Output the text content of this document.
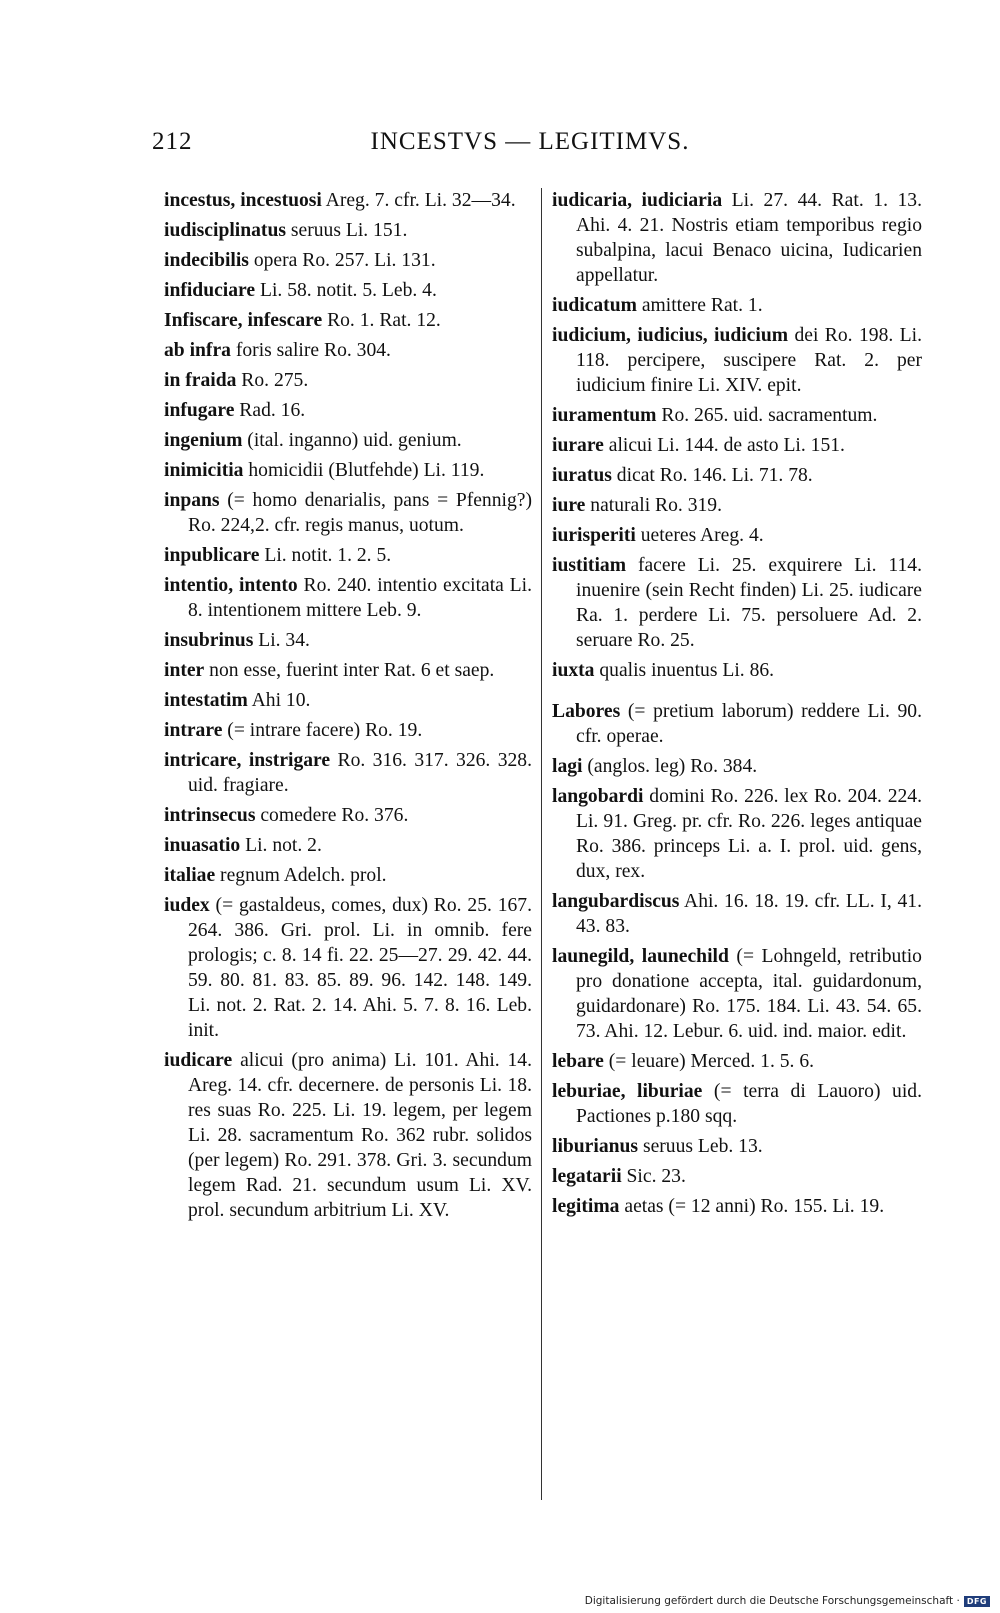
212	INCESTVS — LEGITIMVS.
incestus, incestuosi Areg. 7. cfr. Li. 32—34.
iudisciplinatus seruus Li. 151.
indecibilis opera Ro. 257. Li. 131.
infiduciare Li. 58. notit. 5. Leb. 4.
Infiscare, infescare Ro. 1. Rat. 12.
ab infra foris salire Ro. 304.
in fraida Ro. 275.
infugare Rad. 16.
ingenium (ital. inganno) uid. genium.
inimicitia homicidii (Blutfehde) Li. 119.
inpans (= homo denarialis, pans = Pfennig?) Ro. 224,2. cfr. regis manus, uotum.
inpublicare Li. notit. 1. 2. 5.
intentio, intento Ro. 240. intentio excitata Li. 8. intentionem mittere Leb. 9.
insubrinus Li. 34.
inter non esse, fuerint inter Rat. 6 et saep.
intestatim Ahi 10.
intrare (= intrare facere) Ro. 19.
intricare, instrigare Ro. 316. 317. 326. 328. uid. fragiare.
intrinsecus comedere Ro. 376.
inuasatio Li. not. 2.
italiae regnum Adelch. prol.
iudex (= gastaldeus, comes, dux) Ro. 25. 167. 264. 386. Gri. prol. Li. in omnib. fere prologis; c. 8. 14 fi. 22. 25—27. 29. 42. 44. 59. 80. 81. 83. 85. 89. 96. 142. 148. 149. Li. not. 2. Rat. 2. 14. Ahi. 5. 7. 8. 16. Leb. init.
iudicare alicui (pro anima) Li. 101. Ahi. 14. Areg. 14. cfr. decernere. de personis Li. 18. res suas Ro. 225. Li. 19. legem, per legem Li. 28. sacramentum Ro. 362 rubr. solidos (per legem) Ro. 291. 378. Gri. 3. secundum legem Rad. 21. secundum usum Li. XV. prol. secundum arbitrium Li. XV.
iudicaria, iudiciaria Li. 27. 44. Rat. 1. 13. Ahi. 4. 21. Nostris etiam temporibus regio subalpina, lacui Benaco uicina, Iudicarien appellatur.
iudicatum amittere Rat. 1.
iudicium, iudicius, iudicium dei Ro. 198. Li. 118. percipere, suscipere Rat. 2. per iudicium finire Li. XIV. epit.
iuramentum Ro. 265. uid. sacramentum.
iurare alicui Li. 144. de asto Li. 151.
iuratus dicat Ro. 146. Li. 71. 78.
iure naturali Ro. 319.
iurisperiti ueteres Areg. 4.
iustitiam facere Li. 25. exquirere Li. 114. inuenire (sein Recht finden) Li. 25. iudicare Ra. 1. perdere Li. 75. persoluere Ad. 2. seruare Ro. 25.
iuxta qualis inuentus Li. 86.
Labores (= pretium laborum) reddere Li. 90. cfr. operae.
lagi (anglos. leg) Ro. 384.
langobardi domini Ro. 226. lex Ro. 204. 224. Li. 91. Greg. pr. cfr. Ro. 226. leges antiquae Ro. 386. princeps Li. a. I. prol. uid. gens, dux, rex.
langubardiscus Ahi. 16. 18. 19. cfr. LL. I, 41. 43. 83.
launegild, launechild (= Lohngeld, retributio pro donatione accepta, ital. guidardonum, guidardonare) Ro. 175. 184. Li. 43. 54. 65. 73. Ahi. 12. Lebur. 6. uid. ind. maior. edit.
lebare (= leuare) Merced. 1. 5. 6.
leburiae, liburiae (= terra di Lauoro) uid. Pactiones p.180 sqq.
liburianus seruus Leb. 13.
legatarii Sic. 23.
legitima aetas (= 12 anni) Ro. 155. Li. 19.
Digitalisierung gefördert durch die Deutsche Forschungsgemeinschaft · DFG
